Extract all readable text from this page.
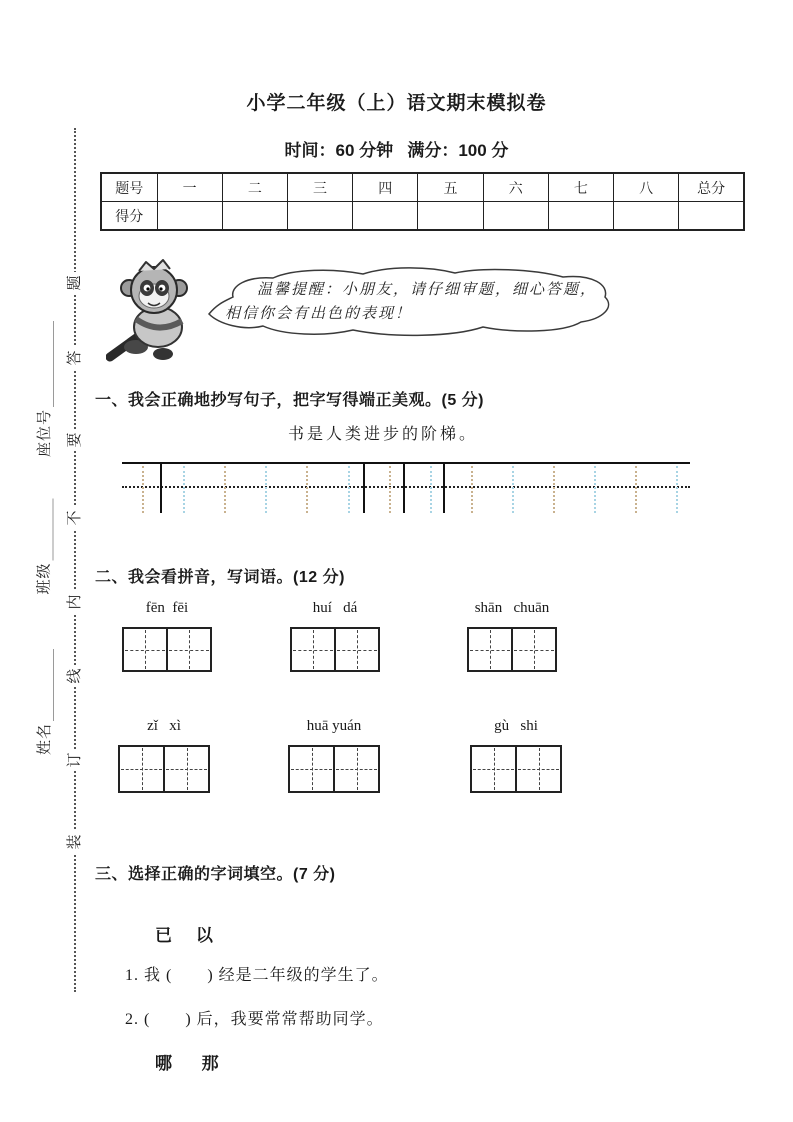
题
答
要
不
内
线
订
装
座位号
班级
姓名
小学二年级（上）语文期末模拟卷
时间：60 分钟   满分：100 分
题号	一	二	三	四	五	六	七	八	总分
得分									
温馨提醒：小朋友，请仔细审题，细心答题，
相信你会有出色的表现！
一、我会正确地抄写句子，把字写得端正美观。(5 分)
书是人类进步的阶梯。
二、我会看拼音，写词语。(12 分)
fēn  fēi	huí   dá	shān   chuān
zǐ   xì	huā yuán	gù   shi
三、选择正确的字词填空。(7 分)
已    以
1. 我 (       ) 经是二年级的学生了。
2. (       ) 后，我要常常帮助同学。
哪     那
